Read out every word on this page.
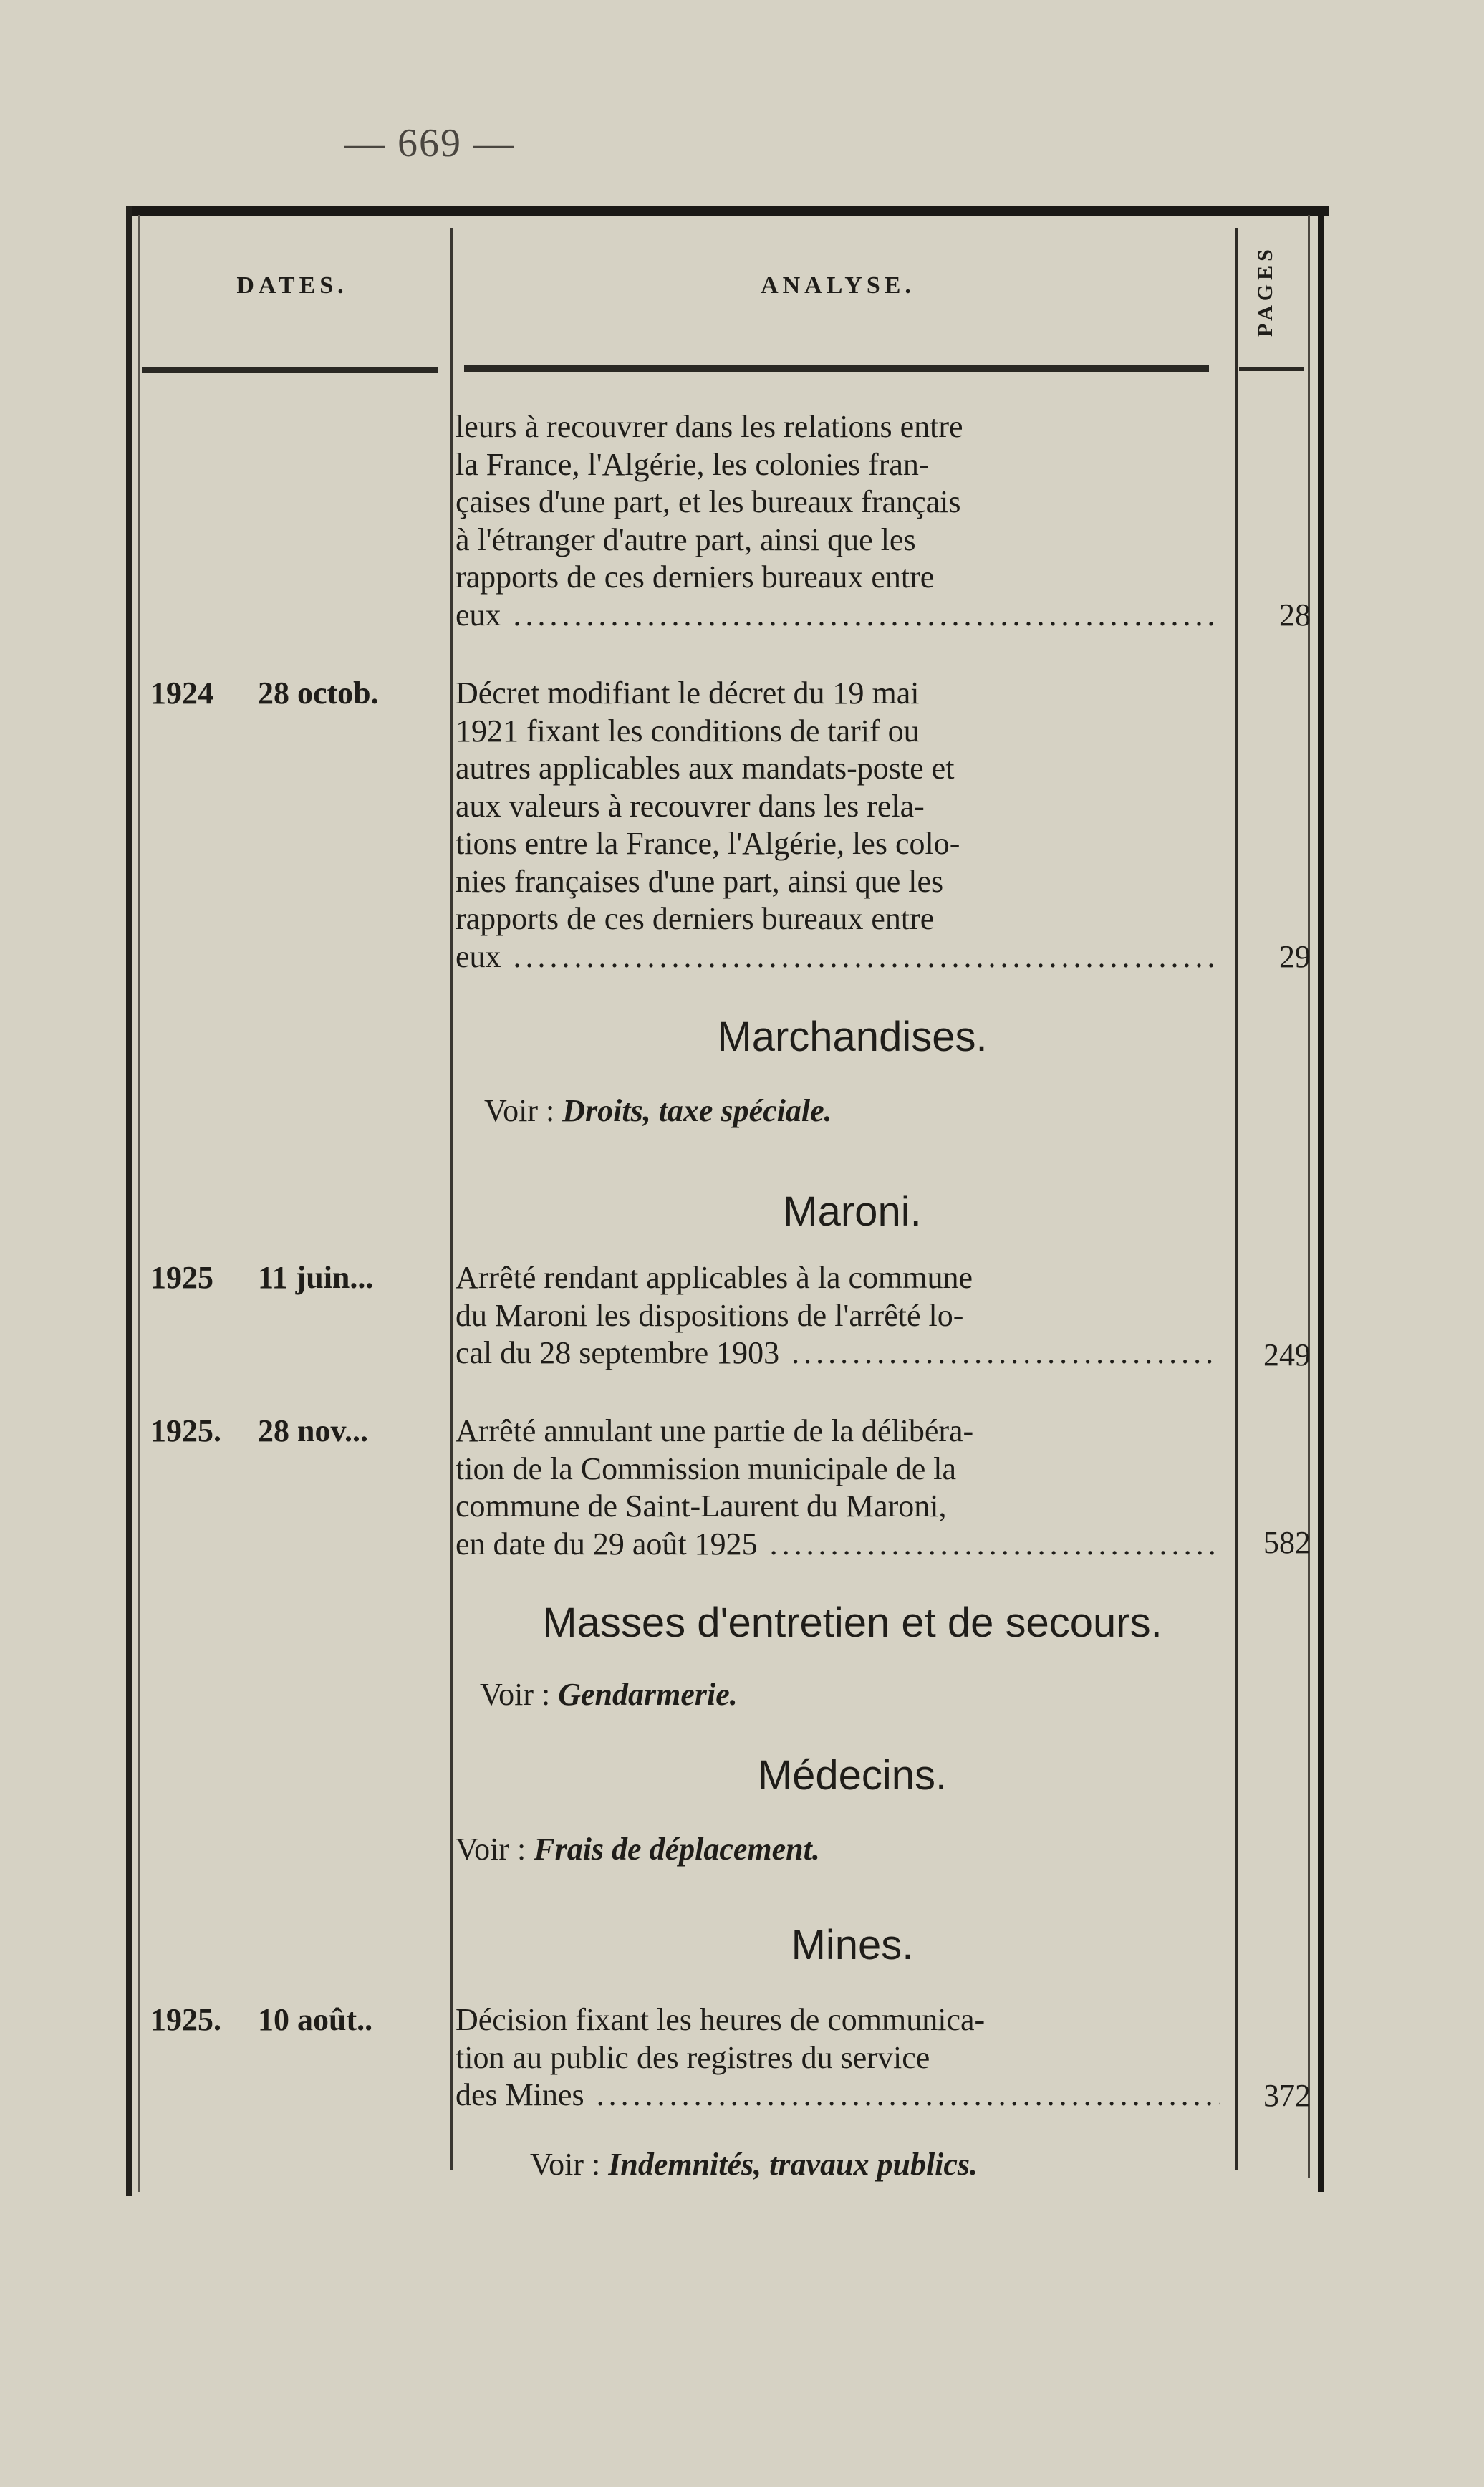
— 669 —
DATES.	ANALYSE.	PAGES
leurs à recouvrer dans les relations entre
la France, l'Algérie, les colonies fran-
çaises d'une part, et les bureaux français
à l'étranger d'autre part, ainsi que les
rapports de ces derniers bureaux entre
eux .....	28
1924 28 octob.	Décret modifiant le décret du 19 mai
1921 fixant les conditions de tarif ou
autres applicables aux mandats-poste et
aux valeurs à recouvrer dans les rela-
tions entre la France, l'Algérie, les colo-
nies françaises d'une part, ainsi que les
rapports de ces derniers bureaux entre
eux .....	29
Marchandises.
Voir : Droits, taxe spéciale.
Maroni.
1925 11 juin...	Arrêté rendant applicables à la commune
du Maroni les dispositions de l'arrêté lo-
cal du 28 septembre 1903 .....	249
1925. 28 nov...	Arrêté annulant une partie de la délibéra-
tion de la Commission municipale de la
commune de Saint-Laurent du Maroni,
en date du 29 août 1925 .....	582
Masses d'entretien et de secours.
Voir : Gendarmerie.
Médecins.
Voir : Frais de déplacement.
Mines.
1925. 10 août..	Décision fixant les heures de communica-
tion au public des registres du service
des Mines .....	372
Voir : Indemnités, travaux publics.
